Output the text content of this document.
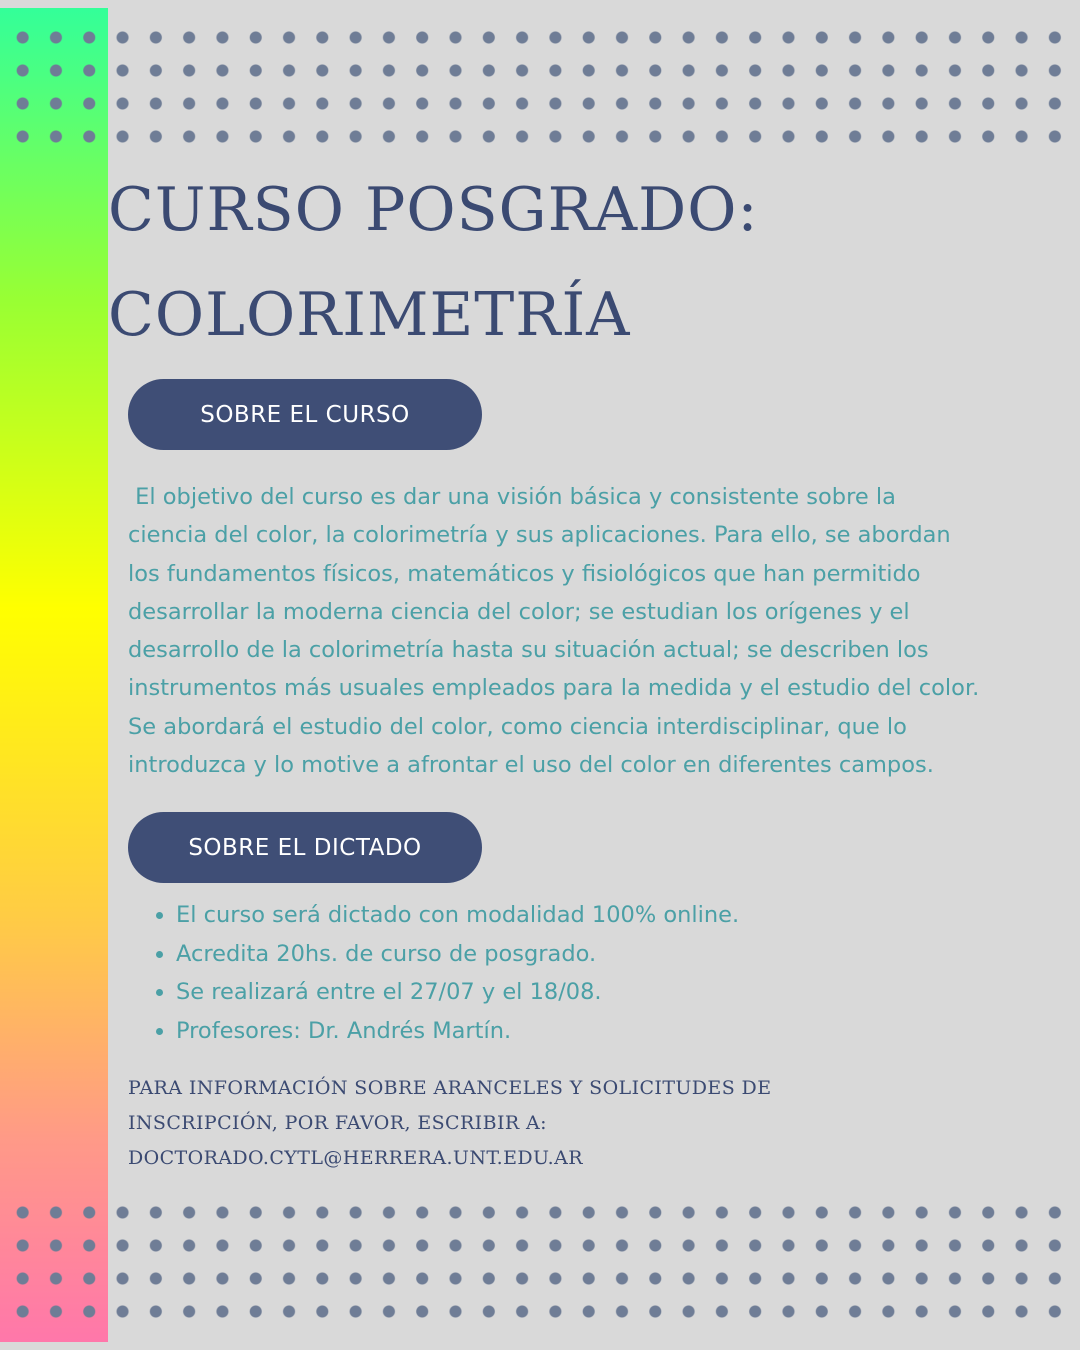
CURSO POSGRADO:
COLORIMETRÍA
SOBRE EL CURSO

El objetivo del curso es dar una visión básica y consistente sobre la
ciencia del color, la colorimetría y sus aplicaciones. Para ello, se abordan
los fundamentos físicos, matemáticos y fisiológicos que han permitido
desarrollar la moderna ciencia del color; se estudian los orígenes y el
desarrollo de la colorimetría hasta su situación actual; se describen los
instrumentos más usuales empleados para la medida y el estudio del color.
Se abordará el estudio del color, como ciencia interdisciplinar, que lo
introduzca y lo motive a afrontar el uso del color en diferentes campos.

SOBRE EL DICTADO
• El curso será dictado con modalidad 100% online.
• Acredita 20hs. de curso de posgrado.
• Se realizará entre el 27/07 y el 18/08.
• Profesores: Dr. Andrés Martín.

PARA INFORMACIÓN SOBRE ARANCELES Y SOLICITUDES DE
INSCRIPCIÓN, POR FAVOR, ESCRIBIR A:
DOCTORADO.CYTL@HERRERA.UNT.EDU.AR
